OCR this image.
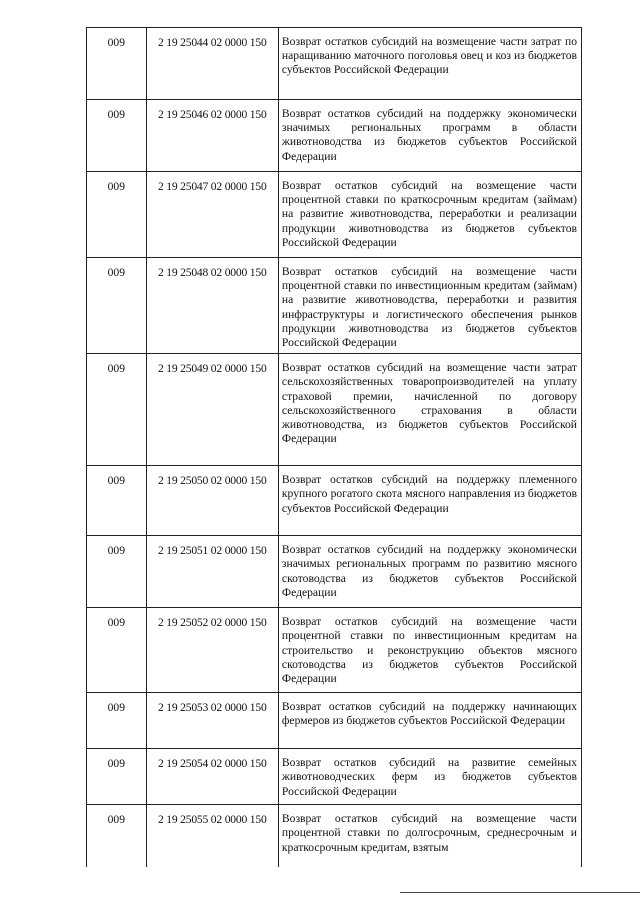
009	2 19 25044 02 0000 150	Возврат остатков субсидий на возмещение части затрат по наращиванию маточного поголовья овец и коз из бюджетов субъектов Российской Федерации
009	2 19 25046 02 0000 150	Возврат остатков субсидий на поддержку экономически значимых региональных программ в области животноводства из бюджетов субъектов Российской Федерации
009	2 19 25047 02 0000 150	Возврат остатков субсидий на возмещение части процентной ставки по краткосрочным кредитам (займам) на развитие животноводства, переработки и реализации продукции животноводства из бюджетов субъектов Российской Федерации
009	2 19 25048 02 0000 150	Возврат остатков субсидий на возмещение части процентной ставки по инвестиционным кредитам (займам) на развитие животноводства, переработки и развития инфраструктуры и логистического обеспечения рынков продукции животноводства из бюджетов субъектов Российской Федерации
009	2 19 25049 02 0000 150	Возврат остатков субсидий на возмещение части затрат сельскохозяйственных товаропроизводителей на уплату страховой премии, начисленной по договору сельскохозяйственного страхования в области животноводства, из бюджетов субъектов Российской Федерации
009	2 19 25050 02 0000 150	Возврат остатков субсидий на поддержку племенного крупного рогатого скота мясного направления из бюджетов субъектов Российской Федерации
009	2 19 25051 02 0000 150	Возврат остатков субсидий на поддержку экономически значимых региональных программ по развитию мясного скотоводства из бюджетов субъектов Российской Федерации
009	2 19 25052 02 0000 150	Возврат остатков субсидий на возмещение части процентной ставки по инвестиционным кредитам на строительство и реконструкцию объектов мясного скотоводства из бюджетов субъектов Российской Федерации
009	2 19 25053 02 0000 150	Возврат остатков субсидий на поддержку начинающих фермеров из бюджетов субъектов Российской Федерации
009	2 19 25054 02 0000 150	Возврат остатков субсидий на развитие семейных животноводческих ферм из бюджетов субъектов Российской Федерации
009	2 19 25055 02 0000 150	Возврат остатков субсидий на возмещение части процентной ставки по долгосрочным, среднесрочным и краткосрочным кредитам, взятым
